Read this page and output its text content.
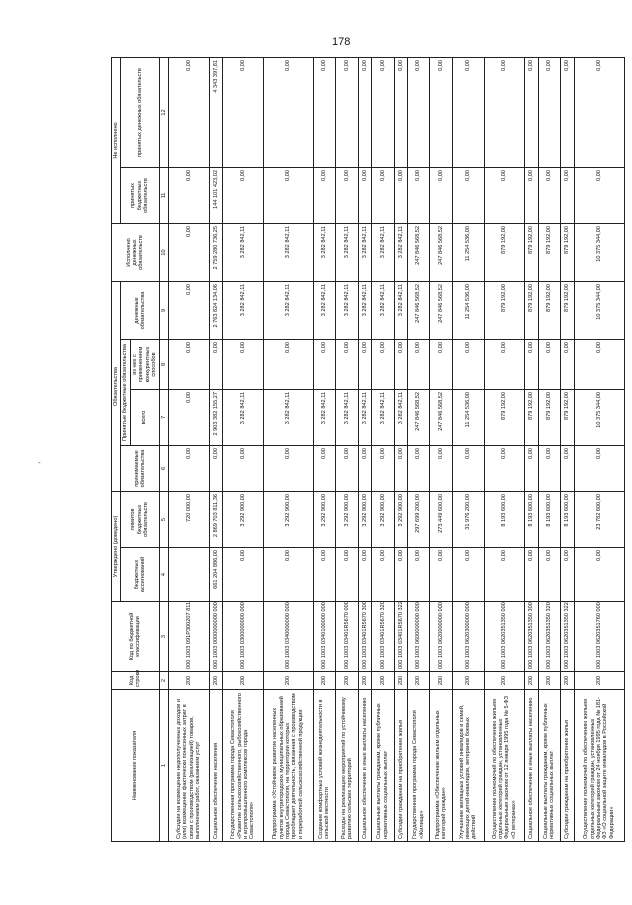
178
-
Наименование показателя	Код строки	Код по бюджетной классификации	Утверждено (доведено)		Обязательства				Исполнено денежных обязательств	Не исполнено	
			бюджетных ассигнований	лимитов бюджетных обязательств	принимаемые обязательства	Принятые бюджетные обязательства		денежные обязательства		принятых бюджетных обязательств	принятых денежных обязательств
						всего	из них с применением конкурентных способов				

1	2	3	4	5	6	7	8	9	10	11	12
Субсидии на возмещение недополученных доходов и (или) возмещение фактически понесенных затрат в связи с производством (реализацией) товаров, выполнением работ, оказанием услуг	200	000 1003 091P300207 811		720 000,00	0,00	0,00	0,00	0,00	0,00	0,00	0,00
Социальное обеспечение населения	200	000 1003 0000000000 000	661 204 886,00	2 869 703 811,36	0,00	2 903 382 155,27	0,00	2 763 824 134,06	2 759 280 736,25	144 101 423,02	4 343 397,81
Государственная программа города Севастополя «Развитие сельскохозяйственного, рыбохозяйственного и агропромышленного комплексов города Севастополя»	200	000 1003 0300000000 000	0,00	3 292 900,00	0,00	3 282 842,11	0,00	3 282 842,11	3 282 842,11	0,00	0,00
Подпрограмма «Устойчивое развитие населенных пунктов внутригородских муниципальных образований города Севастополя, на территории которых преобладает деятельность, связанная с производством и переработкой сельскохозяйственной продукции	200	000 1003 0340000000 000	0,00	3 292 900,00	0,00	3 282 842,11	0,00	3 282 842,11	3 282 842,11	0,00	0,00
Создание комфортных условий жизнедеятельности в сельской местности	200	000 1003 0340100000 000	0,00	3 292 900,00	0,00	3 282 842,11	0,00	3 282 842,11	3 282 842,11	0,00	0,00
Расходы на реализацию мероприятий по устойчивому развитию сельских территорий	200	000 1003 03401R5670 000	0,00	3 292 900,00	0,00	3 282 842,11	0,00	3 282 842,11	3 282 842,11	0,00	0,00
Социальное обеспечение и иные выплаты населению	200	000 1003 03401R5670 300	0,00	3 292 900,00	0,00	3 282 842,11	0,00	3 282 842,11	3 282 842,11	0,00	0,00
Социальные выплаты гражданам, кроме публичных нормативных социальных выплат	200	000 1003 03401R5670 320	0,00	3 292 900,00	0,00	3 282 842,11	0,00	3 282 842,11	3 282 842,11	0,00	0,00
Субсидии гражданам на приобретение жилья	200	000 1003 03401R5670 322	0,00	3 292 900,00	0,00	3 282 842,11	0,00	3 282 842,11	3 282 842,11	0,00	0,00
Государственная программа города Севастополя «Жилище»	200	000 1003 0600000000 000	0,00	297 699 200,00	0,00	247 846 568,52	0,00	247 846 568,52	247 846 568,52	0,00	0,00
Подпрограмма «Обеспечение жильем отдельных категорий граждан»	200	000 1003 0620000000 000	0,00	273 449 600,00	0,00	247 846 568,52	0,00	247 846 568,52	247 846 568,52	0,00	0,00
Улучшение жилищных условий инвалидов и семей, имеющих детей-инвалидов, ветеранов боевых действий	200	000 1003 0620300000 000	0,00	31 976 200,00	0,00	11 254 536,00	0,00	11 254 536,00	11 254 536,00	0,00	0,00
Осуществление полномочий по обеспечению жильем отдельных категорий граждан, установленных Федеральным законом от 12 января 1995 года № 5-ФЗ «О ветеранах»	200	000 1003 0620351350 000	0,00	8 193 600,00	0,00	879 192,00	0,00	879 192,00	879 192,00	0,00	0,00
Социальное обеспечение и иные выплаты населению	200	000 1003 0620351350 300	0,00	8 193 600,00	0,00	879 192,00	0,00	879 192,00	879 192,00	0,00	0,00
Социальные выплаты гражданам, кроме публичных нормативных социальных выплат	200	000 1003 0620351350 320	0,00	8 193 600,00	0,00	879 192,00	0,00	879 192,00	879 192,00	0,00	0,00
Субсидии гражданам на приобретение жилья	200	000 1003 0620351350 322	0,00	8 193 600,00	0,00	879 192,00	0,00	879 192,00	879 192,00	0,00	0,00
Осуществление полномочий по обеспечению жильем отдельных категорий граждан, установленных Федеральным законом от 24 ноября 1995 года № 181-ФЗ «О социальной защите инвалидов в Российской Федерации»	200	000 1003 0620351760 000	0,00	23 782 600,00	0,00	10 375 344,00	0,00	10 375 344,00	10 375 344,00	0,00	0,00
